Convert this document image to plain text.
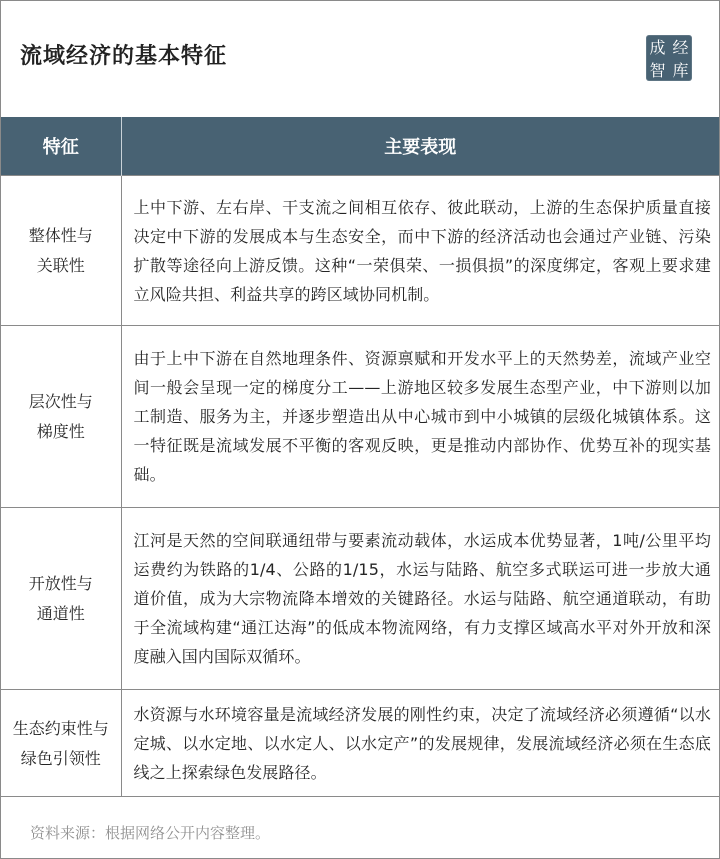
流域经济的基本特征	成 经
智 库
特征	主要表现

整体性与
关联性	上中下游、左右岸、干支流之间相互依存、彼此联动，上游的生态保护质量直接决定中下游的发展成本与生态安全，而中下游的经济活动也会通过产业链、污染扩散等途径向上游反馈。这种“一荣俱荣、一损俱损”的深度绑定，客观上要求建立风险共担、利益共享的跨区域协同机制。

层次性与
梯度性	由于上中下游在自然地理条件、资源禀赋和开发水平上的天然势差，流域产业空间一般会呈现一定的梯度分工——上游地区较多发展生态型产业，中下游则以加工制造、服务为主，并逐步塑造出从中心城市到中小城镇的层级化城镇体系。这一特征既是流域发展不平衡的客观反映，更是推动内部协作、优势互补的现实基础。

开放性与
通道性	江河是天然的空间联通纽带与要素流动载体，水运成本优势显著，1吨/公里平均运费约为铁路的1/4、公路的1/15，水运与陆路、航空多式联运可进一步放大通道价值，成为大宗物流降本增效的关键路径。水运与陆路、航空通道联动，有助于全流域构建“通江达海”的低成本物流网络，有力支撑区域高水平对外开放和深度融入国内国际双循环。

生态约束性与
绿色引领性	水资源与水环境容量是流域经济发展的刚性约束，决定了流域经济必须遵循“以水定城、以水定地、以水定人、以水定产”的发展规律，发展流域经济必须在生态底线之上探索绿色发展路径。

资料来源：根据网络公开内容整理。
